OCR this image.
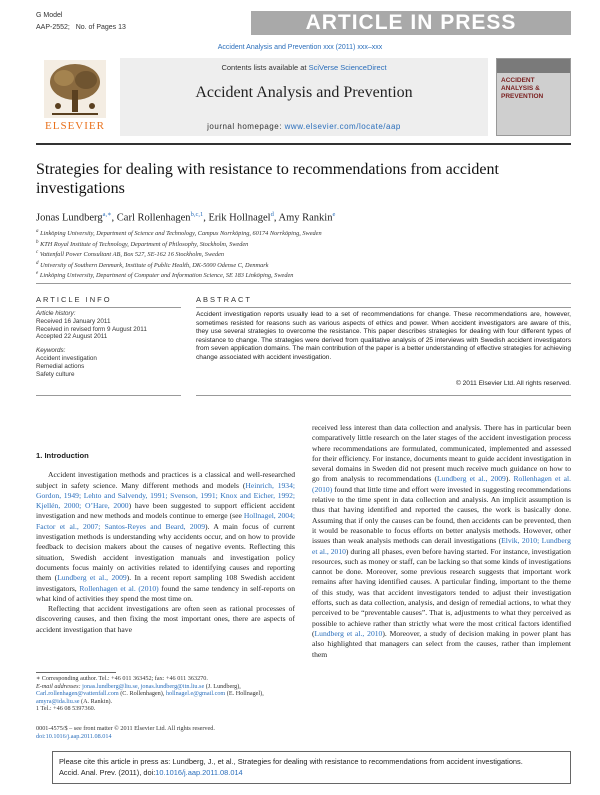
G Model
AAP-2552; No. of Pages 13	ARTICLE IN PRESS
Accident Analysis and Prevention xxx (2011) xxx–xxx
ELSEVIER
Contents lists available at SciVerse ScienceDirect
Accident Analysis and Prevention
journal homepage: www.elsevier.com/locate/aap
ACCIDENT ANALYSIS & PREVENTION
Strategies for dealing with resistance to recommendations from accident investigations
Jonas Lundberg$^{a,∗}$, Carl Rollenhagen$^{b,c,1}$, Erik Hollnagel$^d$, Amy Rankin$^e$
$^a$ Linköping University, Department of Science and Technology, Campus Norrköping, 60174 Norrköping, Sweden
$^b$ KTH Royal Institute of Technology, Department of Philosophy, Stockholm, Sweden
$^c$ Vattenfall Power Consultant AB, Box 527, SE-162 16 Stockholm, Sweden
$^d$ University of Southern Denmark, Institute of Public Health, DK-5000 Odense C, Denmark
$^e$ Linköping University, Department of Computer and Information Science, SE 183 Linköping, Sweden
ARTICLE INFO
Article history:
Received 16 January 2011
Received in revised form 9 August 2011
Accepted 22 August 2011
Keywords:
Accident investigation
Remedial actions
Safety culture
ABSTRACT
Accident investigation reports usually lead to a set of recommendations for change. These recommendations are, however, sometimes resisted for reasons such as various aspects of ethics and power. When accident investigators are aware of this, they use several strategies to overcome the resistance. This paper describes strategies for dealing with four different types of resistance to change. The strategies were derived from qualitative analysis of 25 interviews with Swedish accident investigators from seven application domains. The main contribution of the paper is a better understanding of effective strategies for achieving change associated with accident investigation.
© 2011 Elsevier Ltd. All rights reserved.
1. Introduction

Accident investigation methods and practices is a classical and well-researched subject in safety science. Many different methods and models (Heinrich, 1934; Gordon, 1949; Lehto and Salvendy, 1991; Svenson, 1991; Knox and Eicher, 1992; Kjellén, 2000; O’Hare, 2000) have been suggested to support efficient accident investigation and new methods and models continue to emerge (see Hollnagel, 2004; Factor et al., 2007; Santos-Reyes and Beard, 2009). A main focus of current investigation methods is understanding why accidents occur, and on how to provide feedback to decision makers about the causes of negative events. Reflecting this situation, Swedish accident investigation manuals and investigation policy documents focus mainly on activities related to identifying causes and reporting them (Lundberg et al., 2009). In a recent report sampling 108 Swedish accident investigators, Rollenhagen et al. (2010) found the same tendency in self-reports on what kind of activities they spend the most time on.

Reflecting that accident investigations are often seen as rational processes of discovering causes, and then fixing the most important ones, there are aspects of accident investigation that have

received less interest than data collection and analysis. There has in particular been comparatively little research on the later stages of the accident investigation process where recommendations are formulated, communicated, implemented and assessed for their efficiency. For instance, documents meant to guide accident investigation in several domains in Sweden did not present much receive much guidance on how to go from analysis to recommendations (Lundberg et al., 2009). Rollenhagen et al. (2010) found that little time and effort were invested in suggesting recommendations relative to the time spent in data collection and analysis. An implicit assumption is thus that having identified and reported the causes, the work is basically done. Assuming that if only the causes can be found, then accidents can be prevented, then it would be reasonable to focus efforts on better analysis methods. However, other issues than weak analysis methods can derail investigations (Elvik, 2010; Lundberg et al., 2010) during all phases, even before having started. For instance, investigation resources, such as money or staff, can be lacking so that some kinds of investigations cannot be done. Moreover, some previous research suggests that important work remains after having identified causes. A particular finding, important to the theme of this study, was that accident investigators tended to adjust their investigation efforts, such as data collection, analysis, and design of remedial actions, to what they perceived to be “preventable causes”. That is, adjustments to what they perceived as possible to achieve rather than strictly what were the most critical factors identified (Lundberg et al., 2010). Moreover, a study of decision making in power plant has also highlighted that managers can select from the causes, rather than implement them

∗ Corresponding author. Tel.: +46 011 363452; fax: +46 011 363270.
E-mail addresses: jonas.lundberg@liu.se, jonas.lundberg@itn.liu.se (J. Lundberg), Carl.rollenhagen@vattenfall.com (C. Rollenhagen), hollnagel.e@gmail.com (E. Hollnagel), amyra@ida.liu.se (A. Rankin).
1 Tel.: +46 08 5397360.
0001-4575/$ – see front matter © 2011 Elsevier Ltd. All rights reserved.
doi:10.1016/j.aap.2011.08.014
Please cite this article in press as: Lundberg, J., et al., Strategies for dealing with resistance to recommendations from accident investigations.
Accid. Anal. Prev. (2011), doi:10.1016/j.aap.2011.08.014
